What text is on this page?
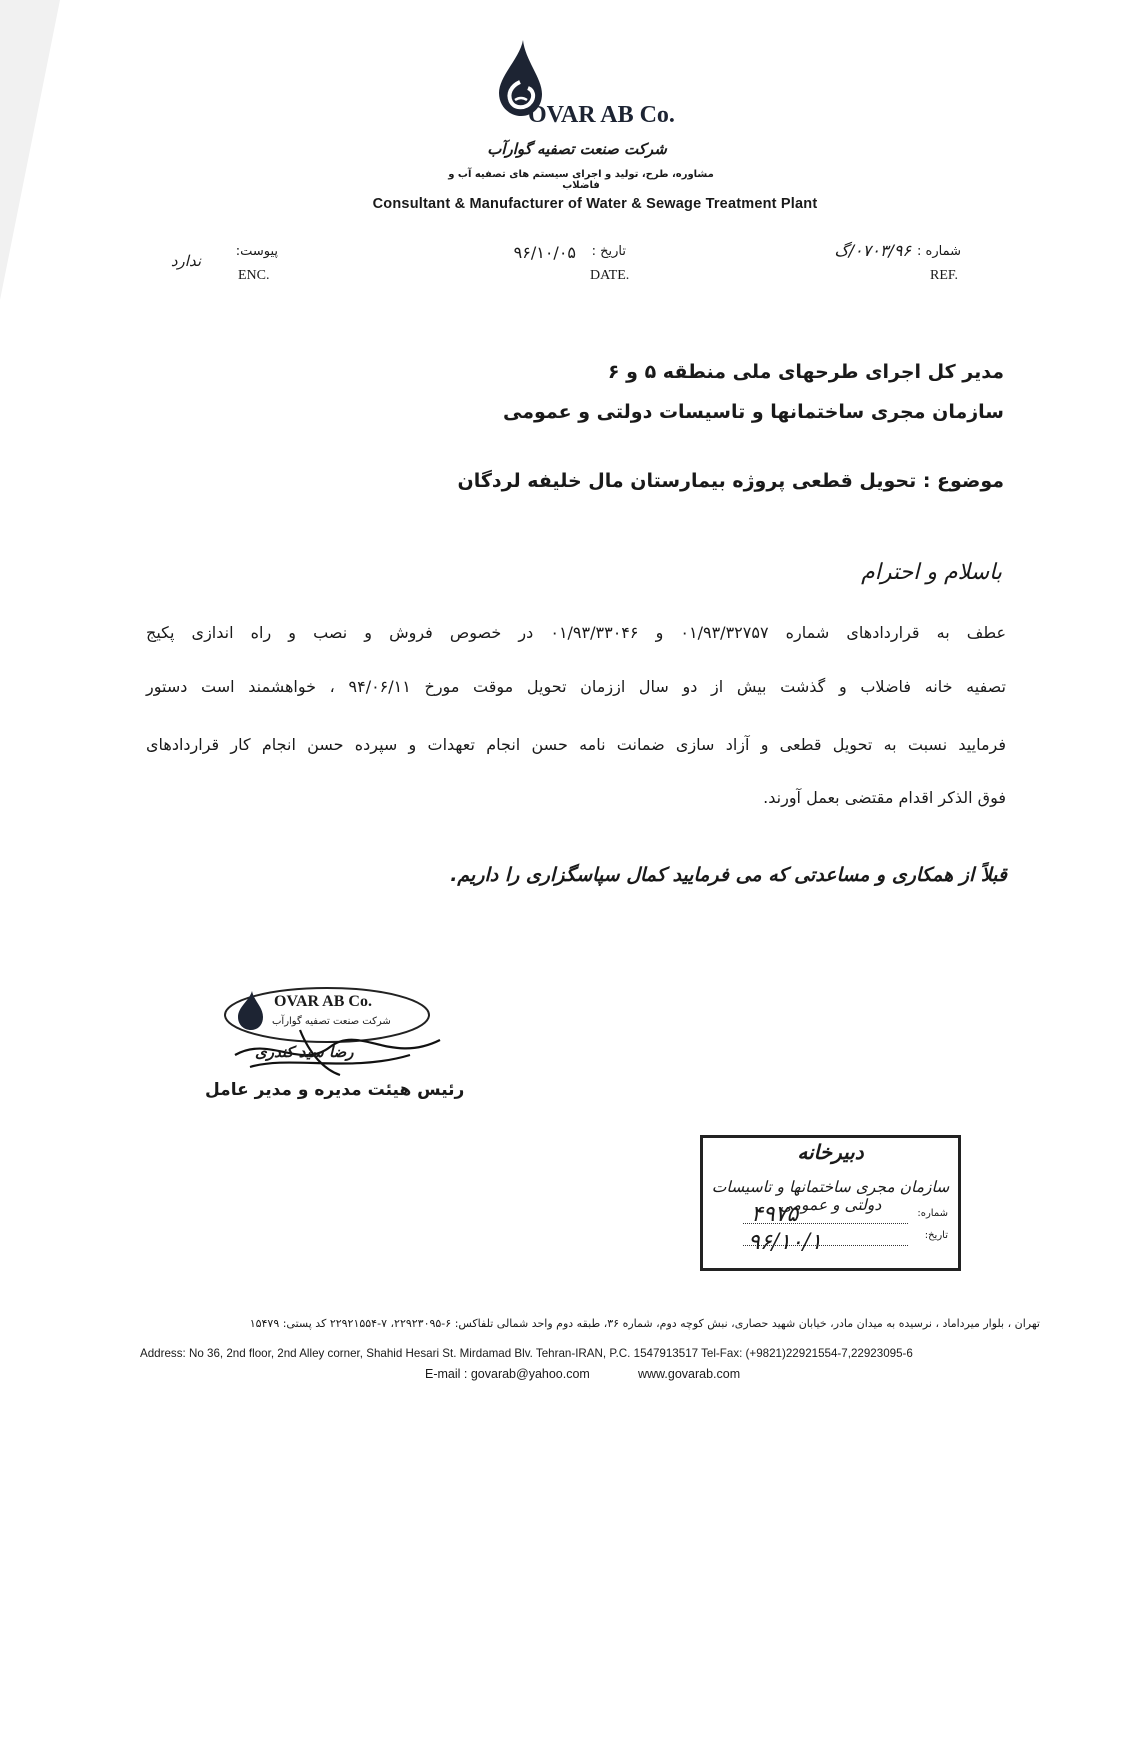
OVAR AB Co.
شرکت صنعت تصفیه گوارآب
مشاوره، طرح، تولید و اجرای سیستم های تصفیه آب و فاضلاب
Consultant & Manufacturer of Water & Sewage Treatment Plant
شماره :
۰۷۰۳/۹۶/گ
REF.
تاریخ :
۹۶/۱۰/۰۵
DATE.
پیوست:
ندارد
ENC.
مدیر کل اجرای طرحهای ملی منطقه ۵ و ۶
سازمان مجری ساختمانها و تاسیسات دولتی و عمومی
موضوع : تحویل قطعی پروژه بیمارستان مال خلیفه لردگان
باسلام و احترام
عطف به قراردادهای شماره ۰۱/۹۳/۳۲۷۵۷ و ۰۱/۹۳/۳۳۰۴۶ در خصوص فروش و نصب و راه اندازی پکیج
تصفیه خانه فاضلاب و گذشت بیش از دو سال اززمان تحویل موقت مورخ ۹۴/۰۶/۱۱ ، خواهشمند است دستور
فرمایید نسبت به تحویل قطعی و آزاد سازی ضمانت نامه حسن انجام تعهدات و سپرده حسن انجام کار قراردادهای
فوق الذکر اقدام مقتضی بعمل آورند.
قبلاً از همکاری و مساعدتی که می فرمایید کمال سپاسگزاری را داریم.
OVAR AB Co.
شرکت صنعت تصفیه گوارآب
رضا سید کندری
رئیس هیئت مدیره و مدیر عامل
دبیرخانه
سازمان مجری ساختمانها و تاسیسات دولتی و عمومی	شماره:
۴۹۷۵
تاریخ:
۹۶/۱۰/۱
تهران ، بلوار میرداماد ، نرسیده به میدان مادر، خیابان شهید حصاری، نبش کوچه دوم، شماره ۳۶، طبقه دوم واحد شمالی تلفاکس: ۶-۲۲۹۲۳۰۹۵، ۷-۲۲۹۲۱۵۵۴ کد پستی: ۱۵۴۷۹
Address: No 36, 2nd floor, 2nd Alley corner, Shahid Hesari St. Mirdamad Blv. Tehran-IRAN, P.C. 1547913517 Tel-Fax: (+9821)22921554-7,22923095-6
E-mail : govarab@yahoo.com	www.govarab.com
